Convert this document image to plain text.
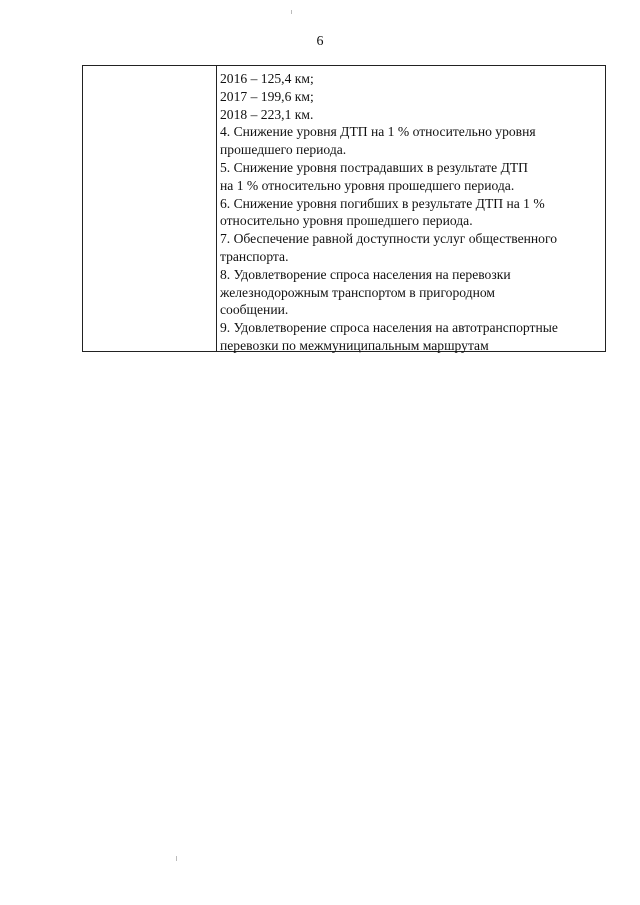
6
2016 – 125,4 км;
2017 – 199,6 км;
2018 – 223,1 км.
4. Снижение уровня ДТП на 1 % относительно уровня
прошедшего периода.
5. Снижение уровня пострадавших в результате ДТП
на 1 % относительно уровня прошедшего периода.
6. Снижение уровня погибших в результате ДТП на 1 %
относительно уровня прошедшего периода.
7. Обеспечение равной доступности услуг общественного
транспорта.
8. Удовлетворение спроса населения на перевозки
железнодорожным транспортом в пригородном
сообщении.
9. Удовлетворение спроса населения на автотранспортные
перевозки по межмуниципальным маршрутам
